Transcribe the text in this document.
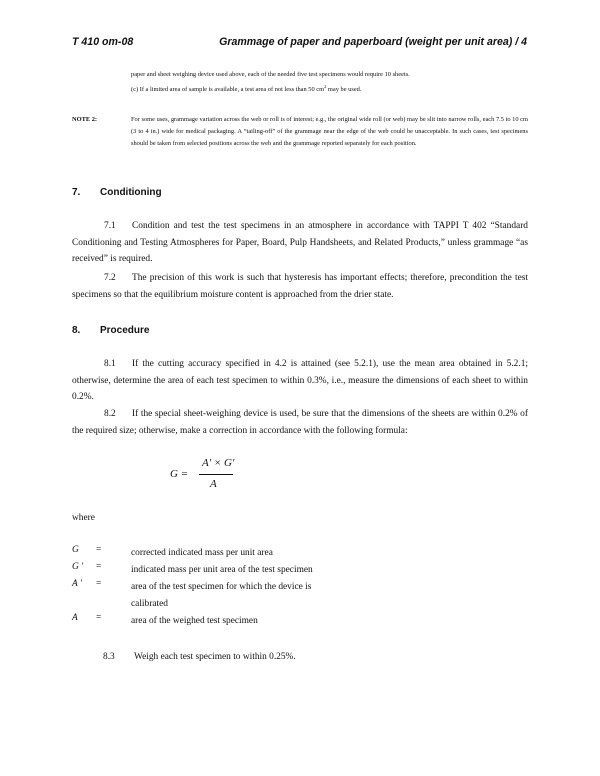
T 410 om-08	Grammage of paper and paperboard (weight per unit area) / 4
paper and sheet weighing device used above, each of the needed five test specimens would require 10 sheets.
(c) If a limited area of sample is available, a test area of not less than 50 $cm^2$ may be used.
NOTE 2:	For some uses, grammage variation across the web or roll is of interest; e.g., the original wide roll (or web) may be slit into narrow rolls, each 7.5 to 10 cm (3 to 4 in.) wide for medical packaging. A “tailing-off” of the grammage near the edge of the web could be unacceptable. In such cases, test specimens should be taken from selected positions across the web and the grammage reported separately for each position.
7. Conditioning
7.1 Condition and test the test specimens in an atmosphere in accordance with TAPPI T 402 “Standard Conditioning and Testing Atmospheres for Paper, Board, Pulp Handsheets, and Related Products,” unless grammage “as received” is required.
7.2 The precision of this work is such that hysteresis has important effects; therefore, precondition the test specimens so that the equilibrium moisture content is approached from the drier state.
8. Procedure
8.1 If the cutting accuracy specified in 4.2 is attained (see 5.2.1), use the mean area obtained in 5.2.1; otherwise, determine the area of each test specimen to within 0.3%, i.e., measure the dimensions of each sheet to within 0.2%.
8.2 If the special sheet-weighing device is used, be sure that the dimensions of the sheets are within 0.2% of the required size; otherwise, make a correction in accordance with the following formula:
G =
A′ × G′
A
where
G =	corrected indicated mass per unit area
G ′ =	indicated mass per unit area of the test specimen
A ′ =	area of the test specimen for which the device is calibrated
A =	area of the weighed test specimen
8.3 Weigh each test specimen to within 0.25%.
